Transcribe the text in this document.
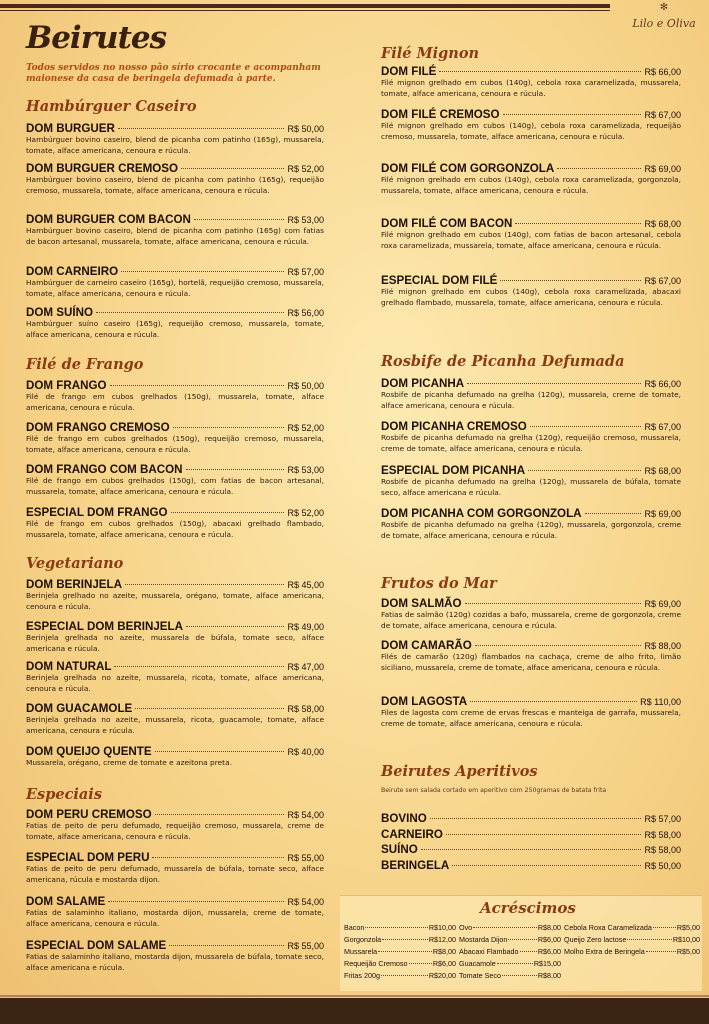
✻
Lilo e Oliva
Beirutes
Todos servidos no nosso pão sírio crocante e acompanham maionese da casa de beringela defumada à parte.
Hambúrguer Caseiro
DOM BURGUER	R$ 50,00
Hambúrguer bovino caseiro, blend de picanha com patinho (165g), mussarela, tomate, alface americana, cenoura e rúcula.
DOM BURGUER CREMOSO	R$ 52,00
Hambúrguer bovino caseiro, blend de picanha com patinho (165g), requeijão cremoso, mussarela, tomate, alface americana, cenoura e rúcula.
DOM BURGUER COM BACON	R$ 53,00
Hambúrguer bovino caseiro, blend de picanha com patinho (165g) com fatias de bacon artesanal, mussarela, tomate, alface americana, cenoura e rúcula.
DOM CARNEIRO	R$ 57,00
Hambúrguer de carneiro caseiro (165g), hortelã, requeijão cremoso, mussarela, tomate, alface americana, cenoura e rúcula.
DOM SUÍNO	R$ 56,00
Hambúrguer suíno caseiro (165g), requeijão cremoso, mussarela, tomate, alface americana, cenoura e rúcula.
Filé de Frango
DOM FRANGO	R$ 50,00
Filé de frango em cubos grelhados (150g), mussarela, tomate, alface americana, cenoura e rúcula.
DOM FRANGO CREMOSO	R$ 52,00
Filé de frango em cubos grelhados (150g), requeijão cremoso, mussarela, tomate, alface americana, cenoura e rúcula.
DOM FRANGO COM BACON	R$ 53,00
Filé de frango em cubos grelhados (150g), com fatias de bacon artesanal, mussarela, tomate, alface americana, cenoura e rúcula.
ESPECIAL DOM FRANGO	R$ 52,00
Filé de frango em cubos grelhados (150g), abacaxi grelhado flambado, mussarela, tomate, alface americana, cenoura e rúcula.
Vegetariano
DOM BERINJELA	R$ 45,00
Berinjela grelhado no azeite, mussarela, orégano, tomate, alface americana, cenoura e rúcula.
ESPECIAL DOM BERINJELA	R$ 49,00
Berinjela grelhada no azeite, mussarela de búfala, tomate seco, alface americana e rúcula.
DOM NATURAL	R$ 47,00
Berinjela grelhada no azeite, mussarela, ricota, tomate, alface americana, cenoura e rúcula.
DOM GUACAMOLE	R$ 58,00
Berinjela grelhada no azeite, mussarela, ricota, guacamole, tomate, alface americana, cenoura e rúcula.
DOM QUEIJO QUENTE	R$ 40,00
Mussarela, orégano, creme de tomate e azeitona preta.
Especiais
DOM PERU CREMOSO	R$ 54,00
Fatias de peito de peru defumado, requeijão cremoso, mussarela, creme de tomate, alface americana, cenoura e rúcula.
ESPECIAL DOM PERU	R$ 55,00
Fatias de peito de peru defumado, mussarela de búfala, tomate seco, alface americana, rúcula e mostarda dijon.
DOM SALAME	R$ 54,00
Fatias de salaminho italiano, mostarda dijon, mussarela, creme de tomate, alface americana, cenoura e rúcula.
ESPECIAL DOM SALAME	R$ 55,00
Fatias de salaminho italiano, mostarda dijon, mussarela de búfala, tomate seco, alface americana e rúcula.
Filé Mignon
DOM FILÉ	R$ 66,00
Filé mignon grelhado em cubos (140g), cebola roxa caramelizada, mussarela, tomate, alface americana, cenoura e rúcula.
DOM FILÉ CREMOSO	R$ 67,00
Filé mignon grelhado em cubos (140g), cebola roxa caramelizada, requeijão cremoso, mussarela, tomate, alface americana, cenoura e rúcula.
DOM FILÉ COM GORGONZOLA	R$ 69,00
Filé mignon grelhado em cubos (140g), cebola roxa caramelizada, gorgonzola, mussarela, tomate, alface americana, cenoura e rúcula.
DOM FILÉ COM BACON	R$ 68,00
Filé mignon grelhado em cubos (140g), com fatias de bacon artesanal, cebola roxa caramelizada, mussarela, tomate, alface americana, cenoura e rúcula.
ESPECIAL DOM FILÉ	R$ 67,00
Filé mignon grelhado em cubos (140g), cebola roxa caramelizada, abacaxi grelhado flambado, mussarela, tomate, alface americana, cenoura e rúcula.
Rosbife de Picanha Defumada
DOM PICANHA	R$ 66,00
Rosbife de picanha defumado na grelha (120g), mussarela, creme de tomate, alface americana, cenoura e rúcula.
DOM PICANHA CREMOSO	R$ 67,00
Rosbife de picanha defumado na grelha (120g), requeijão cremoso, mussarela, creme de tomate, alface americana, cenoura e rúcula.
ESPECIAL DOM PICANHA	R$ 68,00
Rosbife de picanha defumado na grelha (120g), mussarela de búfala, tomate seco, alface americana e rúcula.
DOM PICANHA COM GORGONZOLA	R$ 69,00
Rosbife de picanha defumado na grelha (120g), mussarela, gorgonzola, creme de tomate, alface americana, cenoura e rúcula.
Frutos do Mar
DOM SALMÃO	R$ 69,00
Fatias de salmão (120g) cozidas a bafo, mussarela, creme de gorgonzola, creme de tomate, alface americana, cenoura e rúcula.
DOM CAMARÃO	R$ 88,00
Filés de camarão (120g) flambados na cachaça, creme de alho frito, limão siciliano, mussarela, creme de tomate, alface americana, cenoura e rúcula.
DOM LAGOSTA	R$ 110,00
Files de lagosta com creme de ervas frescas e manteiga de garrafa, mussarela, creme de tomate, alface americana, cenoura e rúcula.
Beirutes Aperitivos
Beirute sem salada cortado em aperitivo com 250gramas de batata frita
BOVINO	R$ 57,00
CARNEIRO	R$ 58,00
SUÍNO	R$ 58,00
BERINGELA	R$ 50,00
Acréscimos
Bacon	R$10,00
Gorgonzola	R$12,00
Mussarela	R$8,00
Requeijão Cremoso	R$6,00
Fritas 200g	R$20,00
Ovo	R$8,00
Mostarda Dijon	R$6,00
Abacaxi Flambado	R$6,00
Guacamole	R$15,00
Tomate Seco	R$8,00
Cebola Roxa Caramelizada	R$5,00
Queijo Zero lactose	R$10,00
Molho Extra de Beringela	R$5,00
